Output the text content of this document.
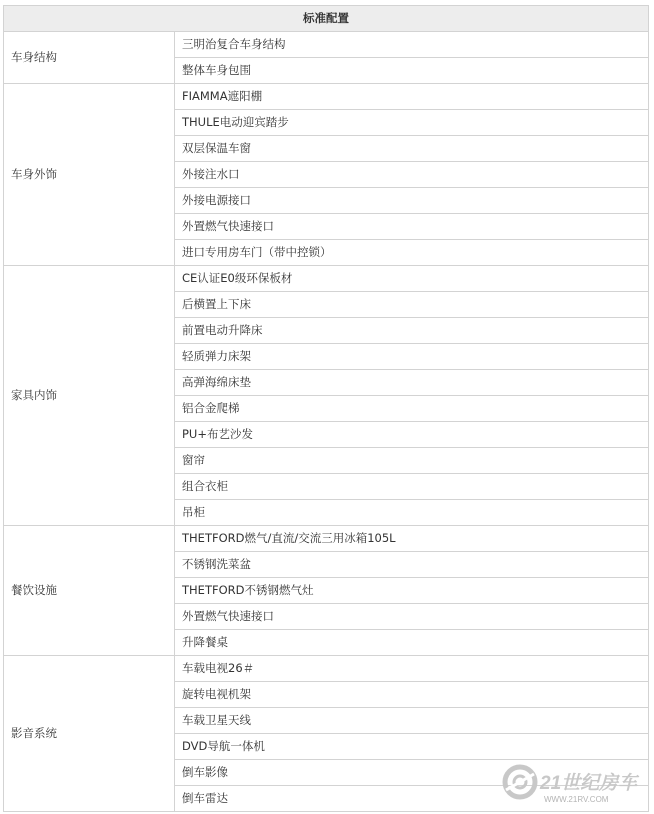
标准配置	
车身结构	三明治复合车身结构
	整体车身包围
车身外饰	FIAMMA遮阳棚
	THULE电动迎宾踏步
	双层保温车窗
	外接注水口
	外接电源接口
	外置燃气快速接口
	进口专用房车门（带中控锁）
家具内饰	CE认证E0级环保板材
	后横置上下床
	前置电动升降床
	轻质弹力床架
	高弹海绵床垫
	铝合金爬梯
	PU+布艺沙发
	窗帘
	组合衣柜
	吊柜
餐饮设施	THETFORD燃气/直流/交流三用冰箱105L
	不锈钢洗菜盆
	THETFORD不锈钢燃气灶
	外置燃气快速接口
	升降餐桌
影音系统	车载电视26＃
	旋转电视机架
	车载卫星天线
	DVD导航一体机
	倒车影像
	倒车雷达
21世纪房车
WWW.21RV.COM
